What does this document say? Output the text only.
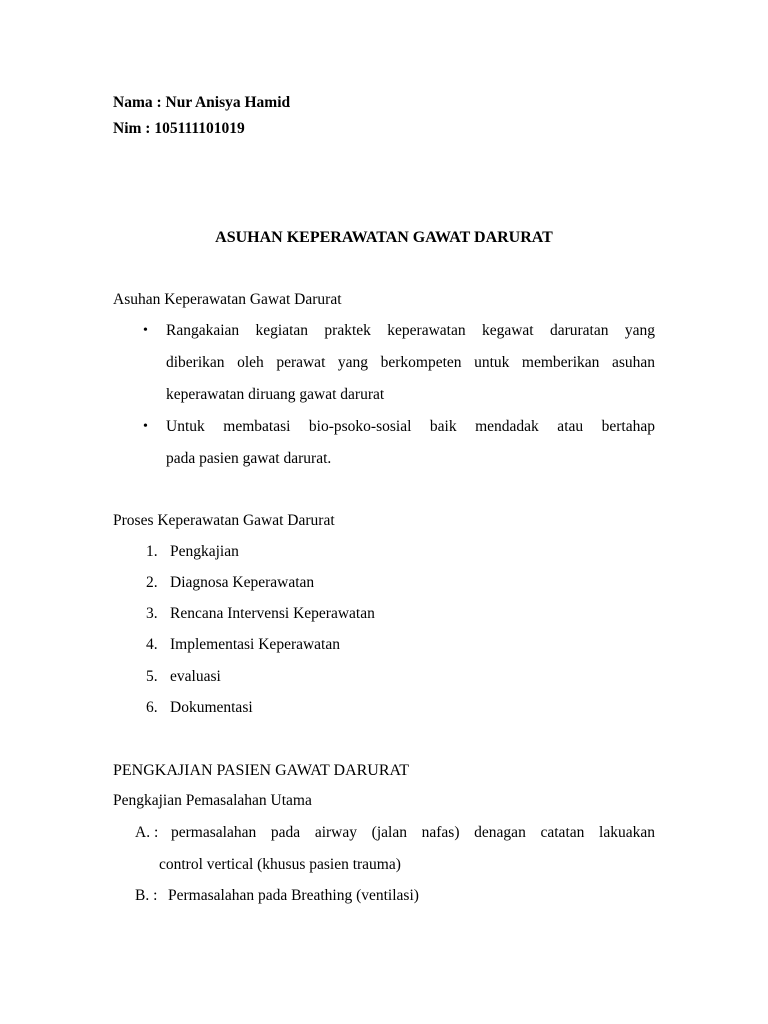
Nama : Nur Anisya Hamid
Nim : 105111101019
ASUHAN KEPERAWATAN GAWAT DARURAT
Asuhan Keperawatan Gawat Darurat
• Rangakaian kegiatan praktek keperawatan kegawat daruratan yang
diberikan oleh perawat yang berkompeten untuk memberikan asuhan
keperawatan diruang gawat darurat
• Untuk membatasi bio-psoko-sosial baik mendadak atau bertahap
pada pasien gawat darurat.
Proses Keperawatan Gawat Darurat
1. Pengkajian
2. Diagnosa Keperawatan
3. Rencana Intervensi Keperawatan
4. Implementasi Keperawatan
5. evaluasi
6. Dokumentasi
PENGKAJIAN PASIEN GAWAT DARURAT
Pengkajian Pemasalahan Utama
A. : permasalahan pada airway (jalan nafas) denagan catatan lakuakan
control vertical (khusus pasien trauma)
B. : Permasalahan pada Breathing (ventilasi)
